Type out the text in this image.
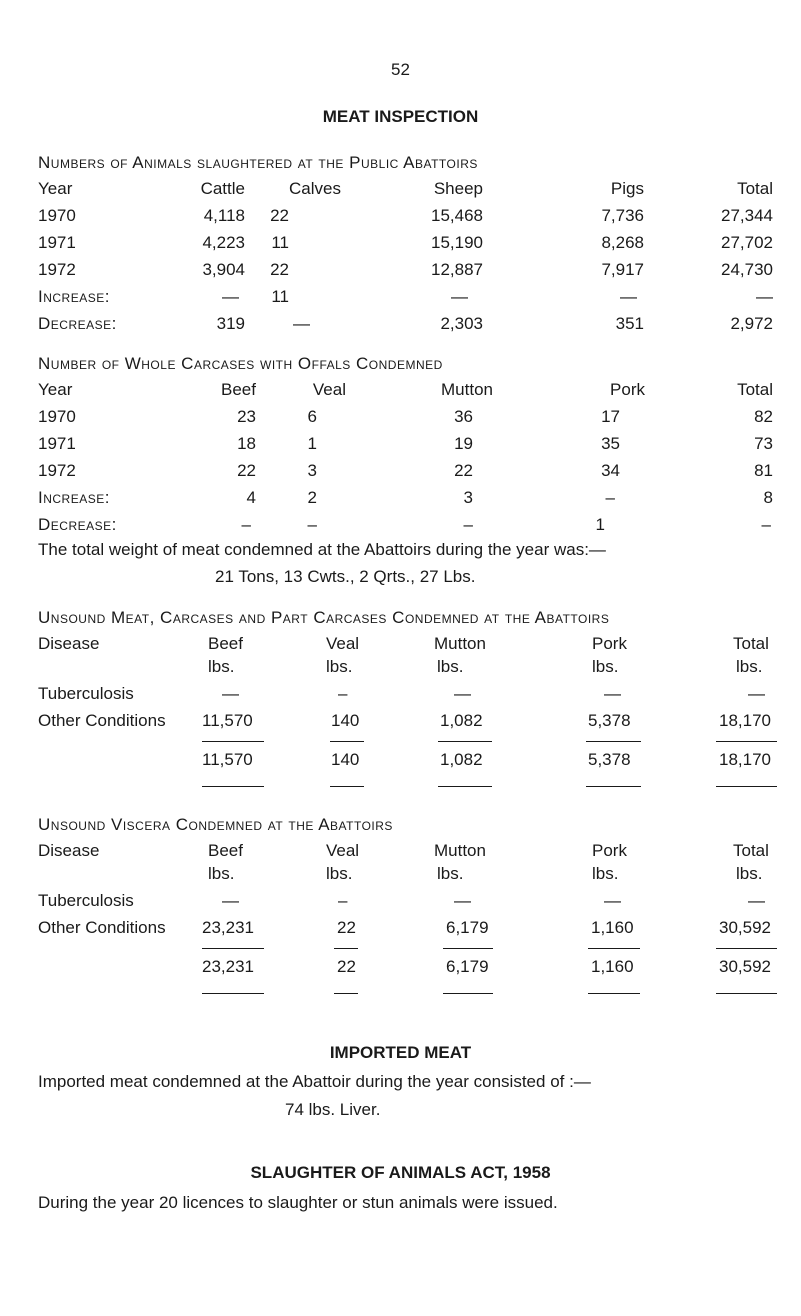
52
MEAT INSPECTION
Numbers of Animals slaughtered at the Public Abattoirs
Year	Cattle	Calves	Sheep	Pigs	Total
1970	4,118 22	15,468	7,736	27,344
1971	4,223 11	15,190	8,268	27,702
1972	3,904 22	12,887	7,917	24,730
Increase:	— 11	—	—	—
Decrease:	319	—	2,303	351	2,972
Number of Whole Carcases with Offals Condemned
Year	Beef	Veal	Mutton	Pork	Total
1970	23	6	36	17	82
1971	18	1	19	35	73
1972	22	3	22	34	81
Increase:	4	2	3	–	8
Decrease:	–	–	–	1	–
The total weight of meat condemned at the Abattoirs during the year was:—
21 Tons, 13 Cwts., 2 Qrts., 27 Lbs.
Unsound Meat, Carcases and Part Carcases Condemned at the Abattoirs
Disease	Beef	Veal	Mutton	Pork	Total
lbs.	lbs.	lbs.	lbs.	lbs.
Tuberculosis	—	–	—	—	—
Other Conditions 11,570	140	1,082	5,378	18,170
11,570	140	1,082	5,378	18,170
Unsound Viscera Condemned at the Abattoirs
Disease	Beef	Veal	Mutton	Pork	Total
lbs.	lbs.	lbs.	lbs.	lbs.
Tuberculosis	—	–	—	—	—
Other Conditions 23,231	22	6,179	1,160	30,592
23,231	22	6,179	1,160	30,592
IMPORTED MEAT
Imported meat condemned at the Abattoir during the year consisted of :—
74 lbs. Liver.
SLAUGHTER OF ANIMALS ACT, 1958
During the year 20 licences to slaughter or stun animals were issued.
